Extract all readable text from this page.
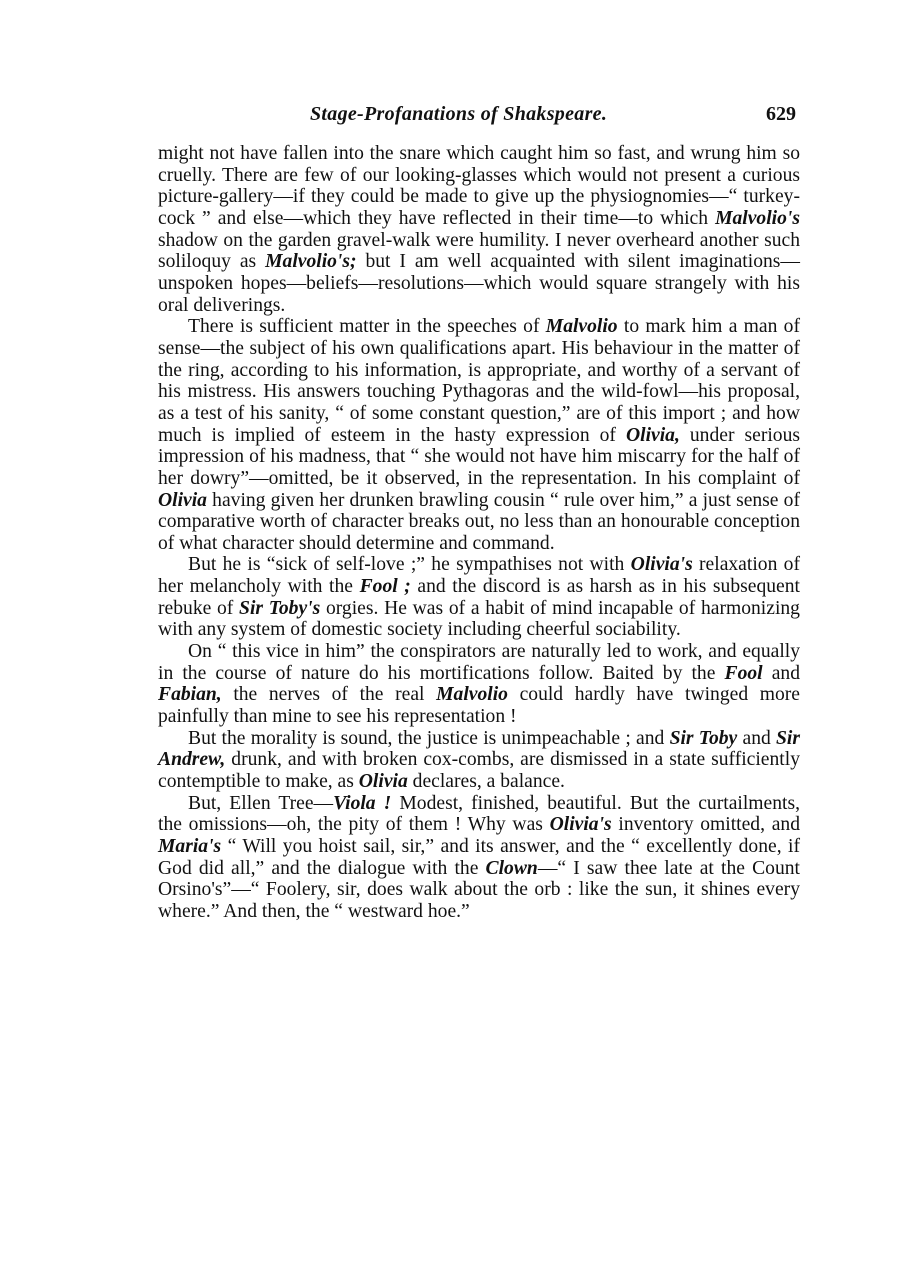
Stage-Profanations of Shakspeare.	629

might not have fallen into the snare which caught him so fast, and wrung him so cruelly. There are few of our looking-glasses which would not present a curious picture-gallery—if they could be made to give up the physiognomies—“ turkey-cock ” and else—which they have reflected in their time—to which Malvolio's shadow on the garden gravel-walk were humility. I never overheard another such soliloquy as Malvolio's; but I am well acquainted with silent imaginations—unspoken hopes—beliefs—resolutions—which would square strangely with his oral deliverings.

There is sufficient matter in the speeches of Malvolio to mark him a man of sense—the subject of his own qualifications apart. His behaviour in the matter of the ring, according to his information, is appropriate, and worthy of a servant of his mistress. His answers touching Pythagoras and the wild-fowl—his proposal, as a test of his sanity, “ of some constant question,” are of this import ; and how much is implied of esteem in the hasty expression of Olivia, under serious impression of his madness, that “ she would not have him miscarry for the half of her dowry”—omitted, be it observed, in the representation. In his complaint of Olivia having given her drunken brawling cousin “ rule over him,” a just sense of comparative worth of character breaks out, no less than an honourable conception of what character should determine and command.

But he is “sick of self-love ;” he sympathises not with Olivia's relaxation of her melancholy with the Fool ; and the discord is as harsh as in his subsequent rebuke of Sir Toby's orgies. He was of a habit of mind incapable of harmonizing with any system of domestic society including cheerful sociability.

On “ this vice in him” the conspirators are naturally led to work, and equally in the course of nature do his mortifications follow. Baited by the Fool and Fabian, the nerves of the real Malvolio could hardly have twinged more painfully than mine to see his representation !

But the morality is sound, the justice is unimpeachable ; and Sir Toby and Sir Andrew, drunk, and with broken cox-combs, are dismissed in a state sufficiently contemptible to make, as Olivia declares, a balance.

But, Ellen Tree—Viola ! Modest, finished, beautiful. But the curtailments, the omissions—oh, the pity of them ! Why was Olivia's inventory omitted, and Maria's “ Will you hoist sail, sir,” and its answer, and the “ excellently done, if God did all,” and the dialogue with the Clown—“ I saw thee late at the Count Orsino's”—“ Foolery, sir, does walk about the orb : like the sun, it shines every where.” And then, the “ westward hoe.”
